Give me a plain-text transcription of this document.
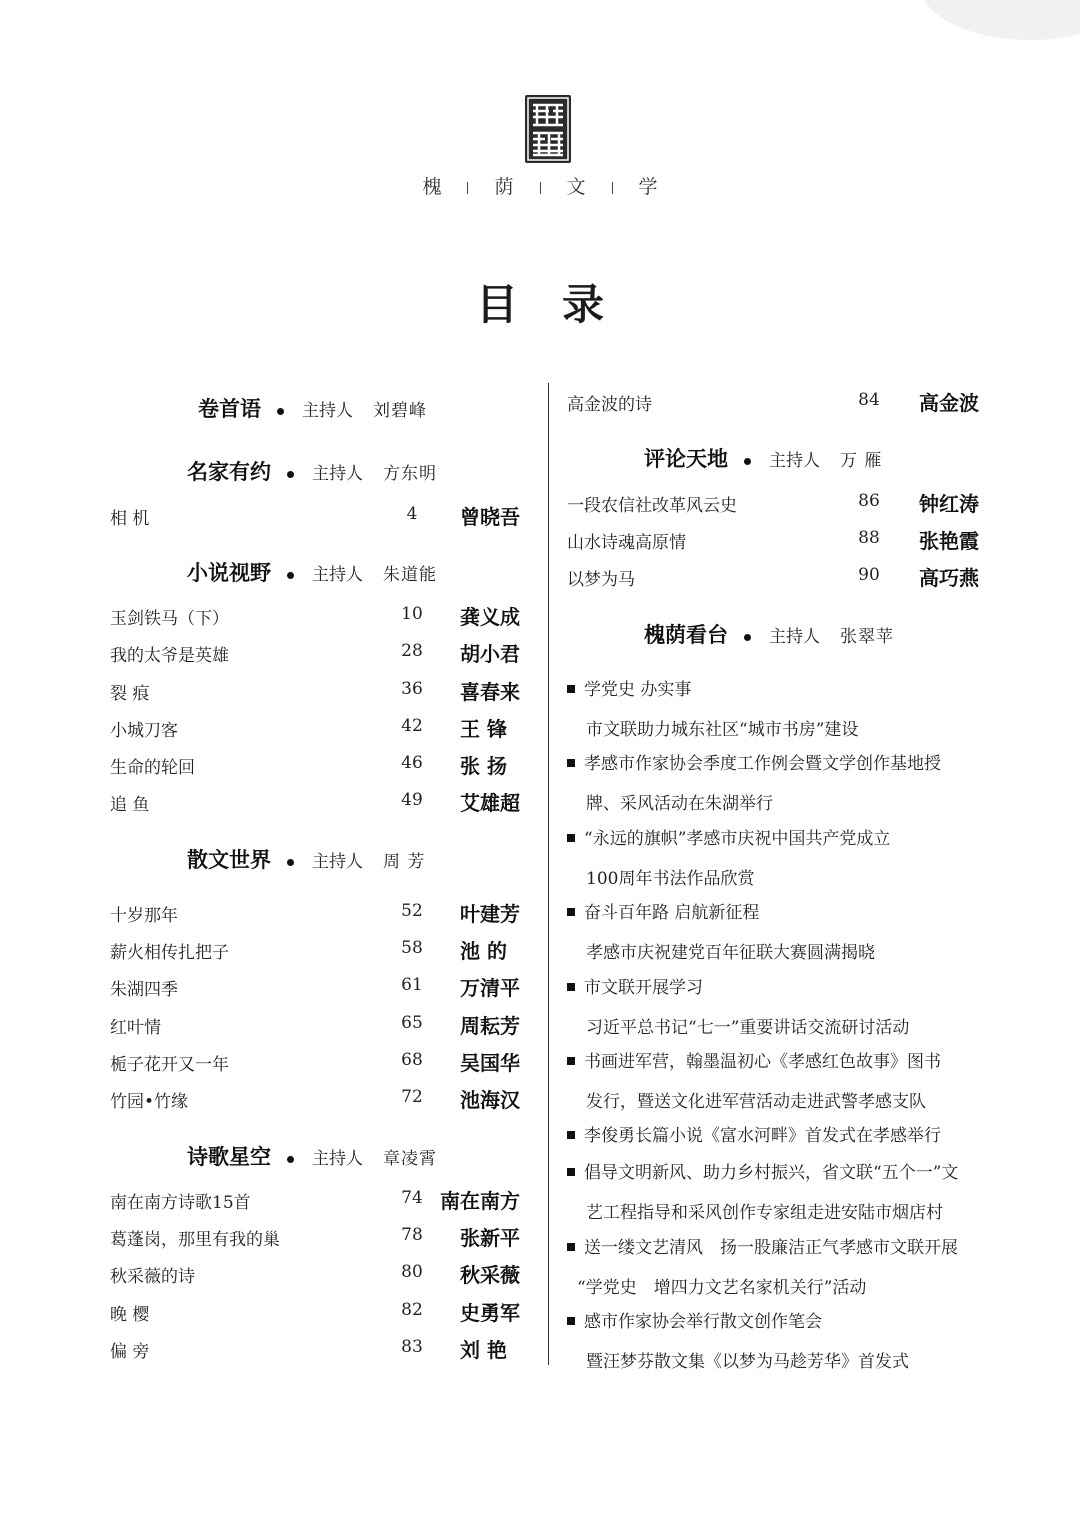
槐	荫	文	学
目录
卷首语 主持人 刘碧峰
名家有约 主持人 方东明
相 机	4	曾晓吾
小说视野 主持人 朱道能
玉剑铁马（下）	10	龚义成
我的太爷是英雄	28	胡小君
裂 痕	36	喜春来
小城刀客	42	王 锋
生命的轮回	46	张 扬
追 鱼	49	艾雄超
散文世界 主持人 周 芳
十岁那年	52	叶建芳
薪火相传扎把子	58	池 的
朱湖四季	61	万清平
红叶情	65	周耘芳
栀子花开又一年	68	吴国华
竹园•竹缘	72	池海汉
诗歌星空 主持人 章凌霄
南在南方诗歌15首	74 南在南方
葛蓬岗，那里有我的巢	78	张新平
秋采薇的诗	80	秋采薇
晚 樱	82	史勇军
偏 旁	83	刘 艳
高金波的诗	84	高金波
评论天地 主持人 万 雁
一段农信社改革风云史	86	钟红涛
山水诗魂高原情	88	张艳霞
以梦为马	90	高巧燕
槐荫看台 主持人 张翠苹
学党史 办实事
市文联助力城东社区“城市书房”建设
孝感市作家协会季度工作例会暨文学创作基地授
牌、采风活动在朱湖举行
“永远的旗帜”孝感市庆祝中国共产党成立
100周年书法作品欣赏
奋斗百年路 启航新征程
孝感市庆祝建党百年征联大赛圆满揭晓
市文联开展学习
习近平总书记“七一”重要讲话交流研讨活动
书画进军营，翰墨温初心《孝感红色故事》图书
发行，暨送文化进军营活动走进武警孝感支队
李俊勇长篇小说《富水河畔》首发式在孝感举行
倡导文明新风、助力乡村振兴，省文联“五个一”文
艺工程指导和采风创作专家组走进安陆市烟店村
送一缕文艺清风　扬一股廉洁正气孝感市文联开展
“学党史　增四力文艺名家机关行”活动
感市作家协会举行散文创作笔会
暨汪梦芬散文集《以梦为马趁芳华》首发式
